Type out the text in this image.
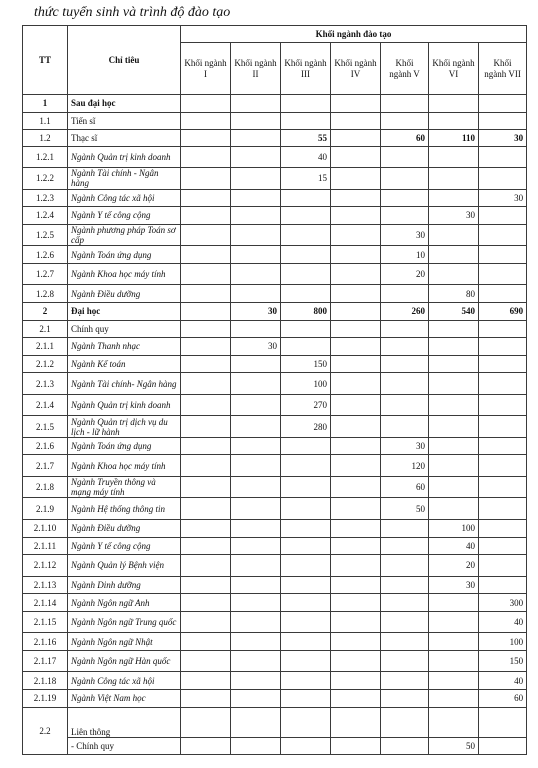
thức tuyển sinh và trình độ đào tạo
TT	Chỉ tiêu	Khối ngành đào tạo						
		Khối ngành I	Khối ngành II	Khối ngành III	Khối ngành IV	Khối ngành V	Khối ngành VI	Khối ngành VII
1	Sau đại học							
1.1	Tiến sĩ							
1.2	Thạc sĩ			55		60	110	30
1.2.1	Ngành Quản trị kinh doanh			40				
1.2.2	Ngành Tài chính - Ngân hàng			15				
1.2.3	Ngành Công tác xã hội							30
1.2.4	Ngành Y tế công cộng						30	
1.2.5	Ngành phương pháp Toán sơ cấp					30		
1.2.6	Ngành Toán ứng dụng					10		
1.2.7	Ngành Khoa học máy tính					20		
1.2.8	Ngành Điều dưỡng						80	
2	Đại học		30	800		260	540	690
2.1	Chính quy							
2.1.1	Ngành Thanh nhạc		30					
2.1.2	Ngành Kế toán			150				
2.1.3	Ngành Tài chính- Ngân hàng			100				
2.1.4	Ngành Quản trị kinh doanh			270				
2.1.5	Ngành Quản trị dịch vụ du lịch - lữ hành			280				
2.1.6	Ngành Toán ứng dụng					30		
2.1.7	Ngành Khoa học máy tính					120		
2.1.8	Ngành Truyền thông và mạng máy tính					60		
2.1.9	Ngành Hệ thống thông tin					50		
2.1.10	Ngành Điều dưỡng						100	
2.1.11	Ngành Y tế công cộng						40	
2.1.12	Ngành Quản lý Bệnh viện						20	
2.1.13	Ngành Dinh dưỡng						30	
2.1.14	Ngành Ngôn ngữ Anh							300
2.1.15	Ngành Ngôn ngữ Trung quốc							40
2.1.16	Ngành Ngôn ngữ Nhật							100
2.1.17	Ngành Ngôn ngữ Hàn quốc							150
2.1.18	Ngành Công tác xã hội							40
2.1.19	Ngành Việt Nam học							60
2.2	Liên thông							
	- Chính quy						50	
